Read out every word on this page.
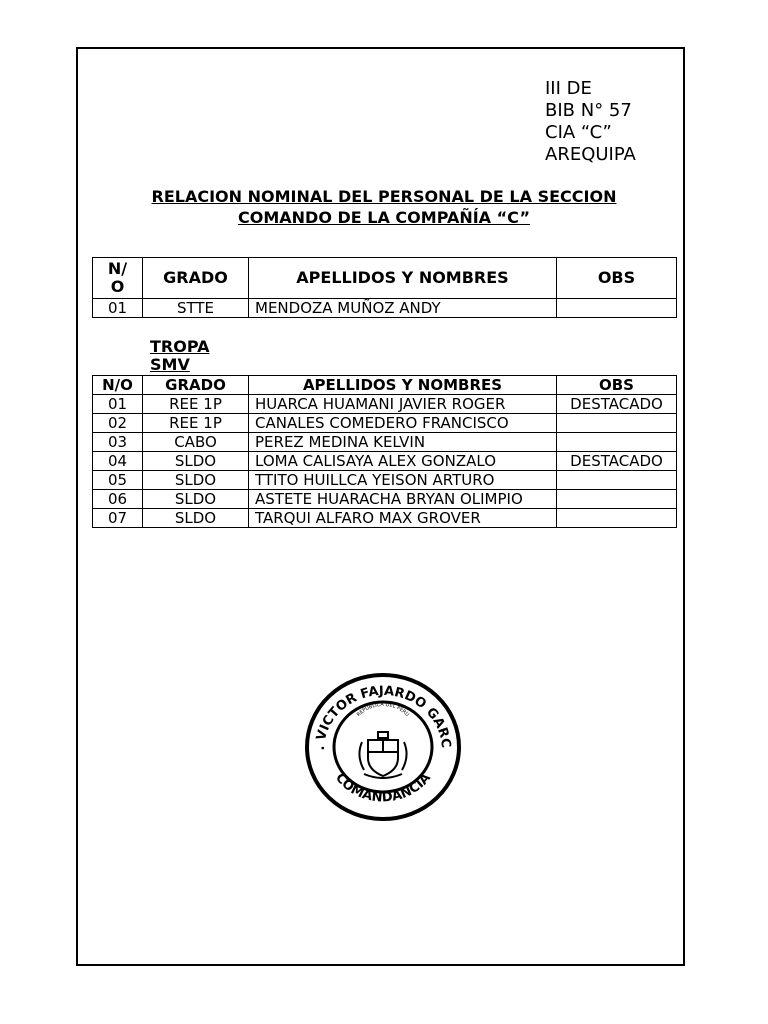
III DE
BIB N° 57
CIA “C”
AREQUIPA
RELACION NOMINAL DEL PERSONAL DE LA SECCION
COMANDO DE LA COMPAÑÍA “C”
N/
O	GRADO	APELLIDOS Y NOMBRES	OBS
01	STTE	MENDOZA MUÑOZ ANDY	
TROPA
SMV
N/O	GRADO	APELLIDOS Y NOMBRES	OBS
01	REE 1P	HUARCA HUAMANI JAVIER ROGER	DESTACADO
02	REE 1P	CANALES COMEDERO FRANCISCO	
03	CABO	PEREZ MEDINA KELVIN	
04	SLDO	LOMA CALISAYA ALEX GONZALO	DESTACADO
05	SLDO	TTITO HUILLCA YEISON ARTURO	
06	SLDO	ASTETE HUARACHA BRYAN OLIMPIO	
07	SLDO	TARQUI ALFARO MAX GROVER	
. VICTOR FAJARDO GARC
COMANDANCIA
REPUBLICA DEL PERU
